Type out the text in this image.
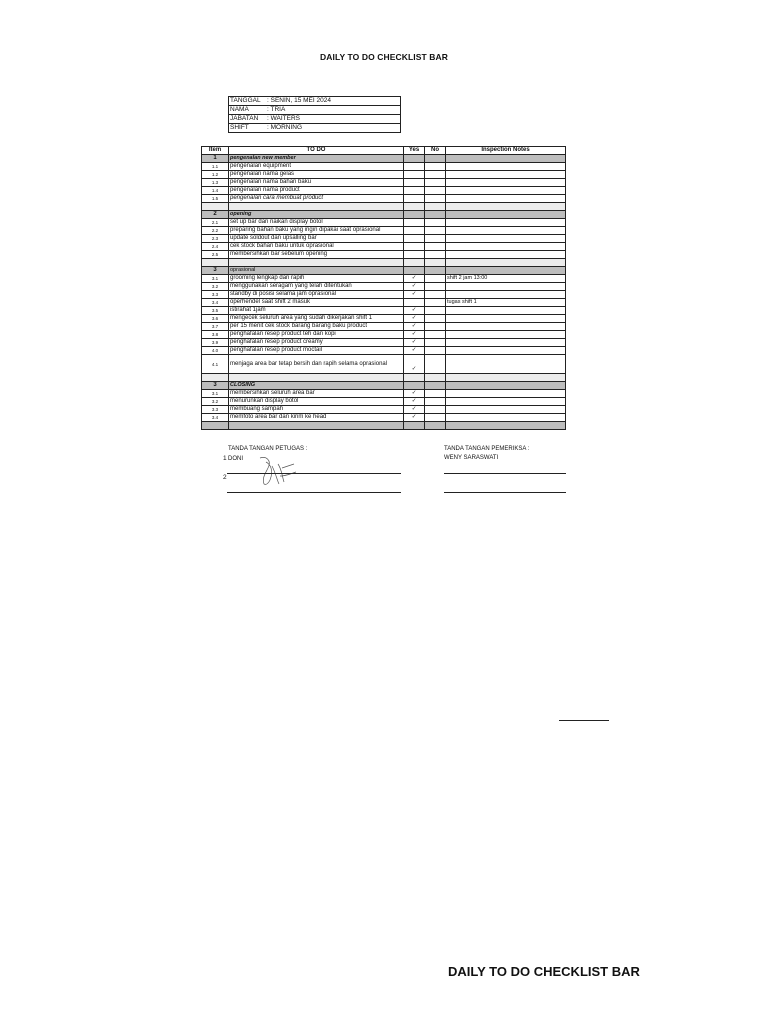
DAILY TO DO CHECKLIST BAR
TANGGAL : SENIN, 15 MEI 2024
NAMA	: TRIA
JABATAN : WAITERS
SHIFT	: MORNING
Item	TO DO	Yes	No	Inspection Notes
1	pengenalan new member			
1.1	pengenalan equipment			
1.2	pengenalan nama gelas			
1.3	pengenalan nama bahan baku			
1.4	pengenalan nama product			
1.5	pengenalan cara membuat product			

2	opening			
2.1	set up bar dan naikan display botol			
2.2	preparing bahan baku yang ingin dipakai saat oprasional			
2.3	update soldout dan upsalling bar			
2.4	cek stock bahan baku untuk oprasional			
2.5	membersihkan bar sebelum opening			

3	oprasional			
3.1	grooming lengkap dan rapih	✓		shift 2 jam 13:00
3.2	menggunakan seragam yang telah ditentukan	✓		
3.3	standby di posisi selama jam oprasional	✓		
3.4	operhendel saat shift 2 masuk			tugas shift 1
3.5	istirahat 1jam	✓		
3.6	mengecek seluruh area yang sudah dikerjakan shift 1	✓		
3.7	per 15 menit cek stock barang barang baku product	✓		
3.8	penghafalan resep product teh dan kopi	✓		
3.9	penghafalan resep product creamy	✓		
4.0	penghafalan resep product moctail	✓		
4.1	menjaga area bar tetap bersih dan rapih selama oprasional	✓		

3	CLOSING			
3.1	membersihkan seluruh area bar	✓		
3.2	menurunkan display botol	✓		
3.3	membuang sampah	✓		
3.4	memfoto area bar dan kirim ke head	✓		

TANDA TANGAN PETUGAS :
1 DONI
2
TANDA TANGAN PEMERIKSA :
WENY SARASWATI
DAILY TO DO CHECKLIST BAR
